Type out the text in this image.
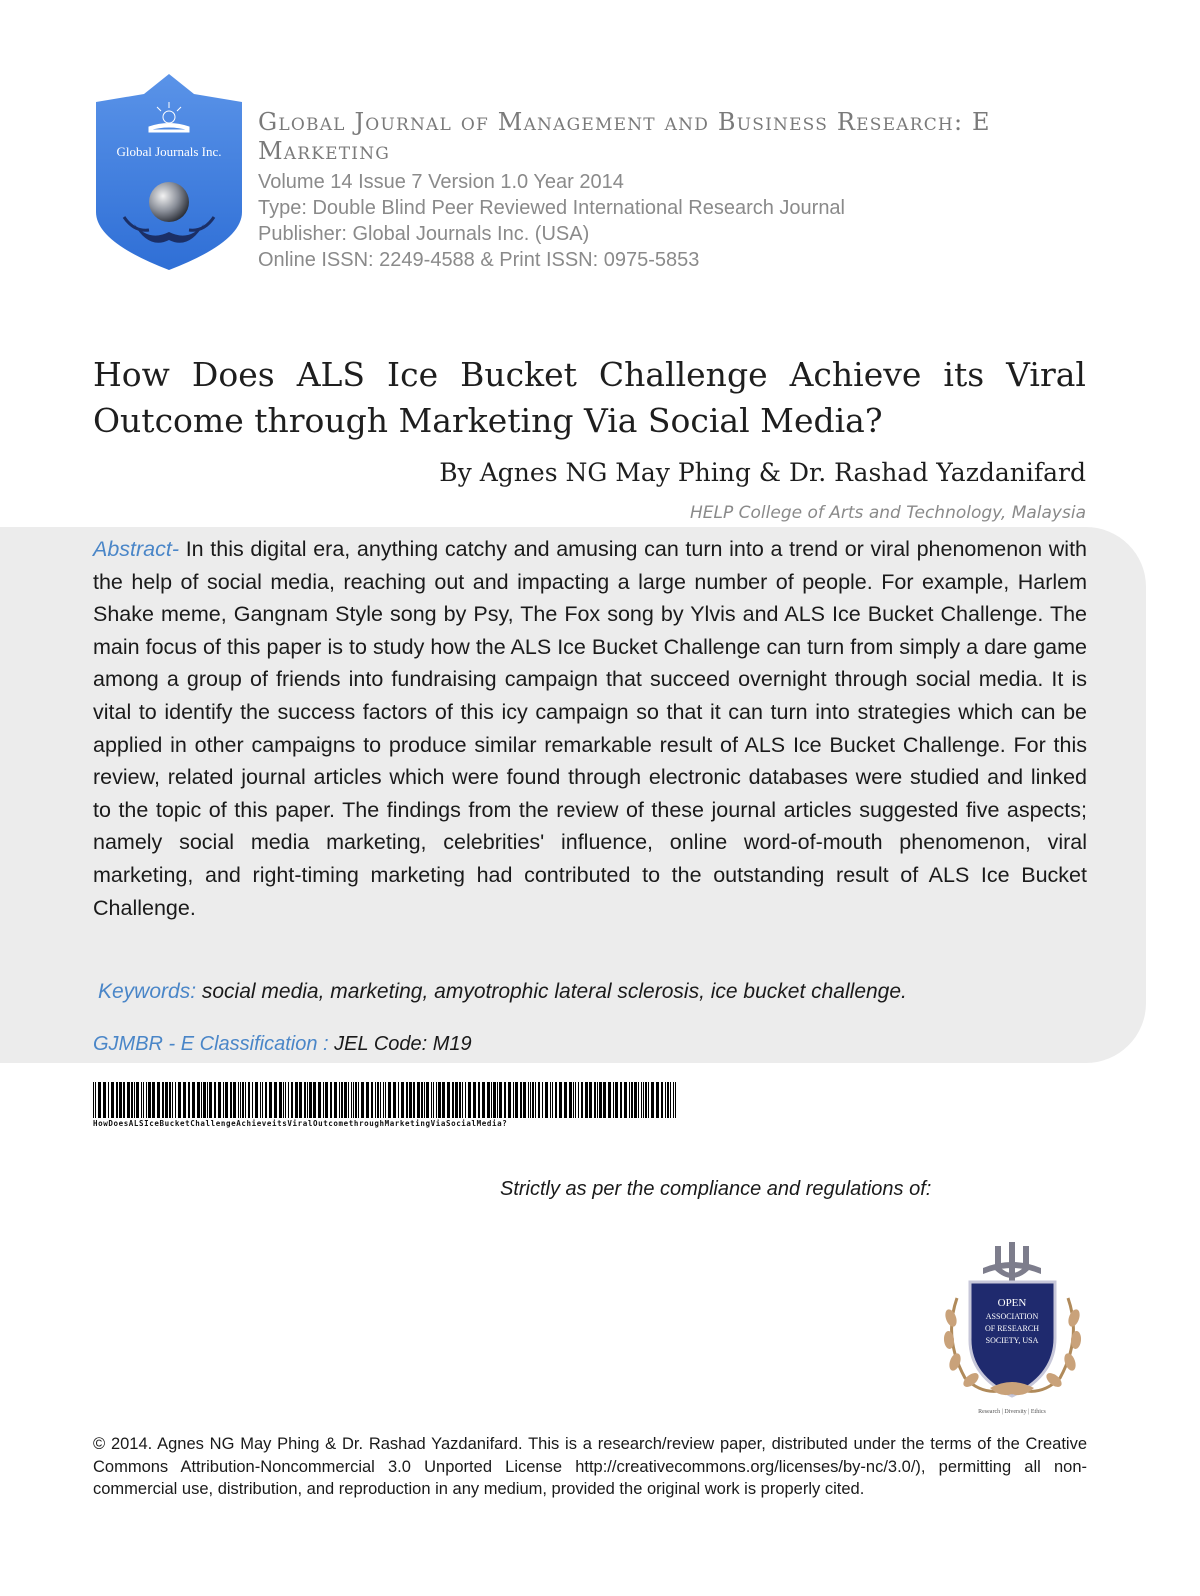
Global Journals Inc.

Global Journal of Management and Business Research: E Marketing

Volume 14 Issue 7 Version 1.0 Year 2014
Type: Double Blind Peer Reviewed International Research Journal
Publisher: Global Journals Inc. (USA)
Online ISSN: 2249-4588 & Print ISSN: 0975-5853
How Does ALS Ice Bucket Challenge Achieve its Viral Outcome through Marketing Via Social Media?

By Agnes NG May Phing & Dr. Rashad Yazdanifard

HELP College of Arts and Technology, Malaysia

Abstract- In this digital era, anything catchy and amusing can turn into a trend or viral phenomenon with the help of social media, reaching out and impacting a large number of people. For example, Harlem Shake meme, Gangnam Style song by Psy, The Fox song by Ylvis and ALS Ice Bucket Challenge. The main focus of this paper is to study how the ALS Ice Bucket Challenge can turn from simply a dare game among a group of friends into fundraising campaign that succeed overnight through social media. It is vital to identify the success factors of this icy campaign so that it can turn into strategies which can be applied in other campaigns to produce similar remarkable result of ALS Ice Bucket Challenge. For this review, related journal articles which were found through electronic databases were studied and linked to the topic of this paper. The findings from the review of these journal articles suggested five aspects; namely social media marketing, celebrities' influence, online word-of-mouth phenomenon, viral marketing, and right-timing marketing had contributed to the outstanding result of ALS Ice Bucket Challenge.

Keywords: social media, marketing, amyotrophic lateral sclerosis, ice bucket challenge.

GJMBR - E Classification : JEL Code: M19

HowDoesALSIceBucketChallengeAchieveitsViralOutcomethroughMarketingViaSocialMedia?

Strictly as per the compliance and regulations of:

OPEN
ASSOCIATION
OF RESEARCH
SOCIETY, USA
Research | Diversity | Ethics

© 2014. Agnes NG May Phing & Dr. Rashad Yazdanifard. This is a research/review paper, distributed under the terms of the Creative Commons Attribution-Noncommercial 3.0 Unported License http://creativecommons.org/licenses/by-nc/3.0/), permitting all non-commercial use, distribution, and reproduction in any medium, provided the original work is properly cited.
